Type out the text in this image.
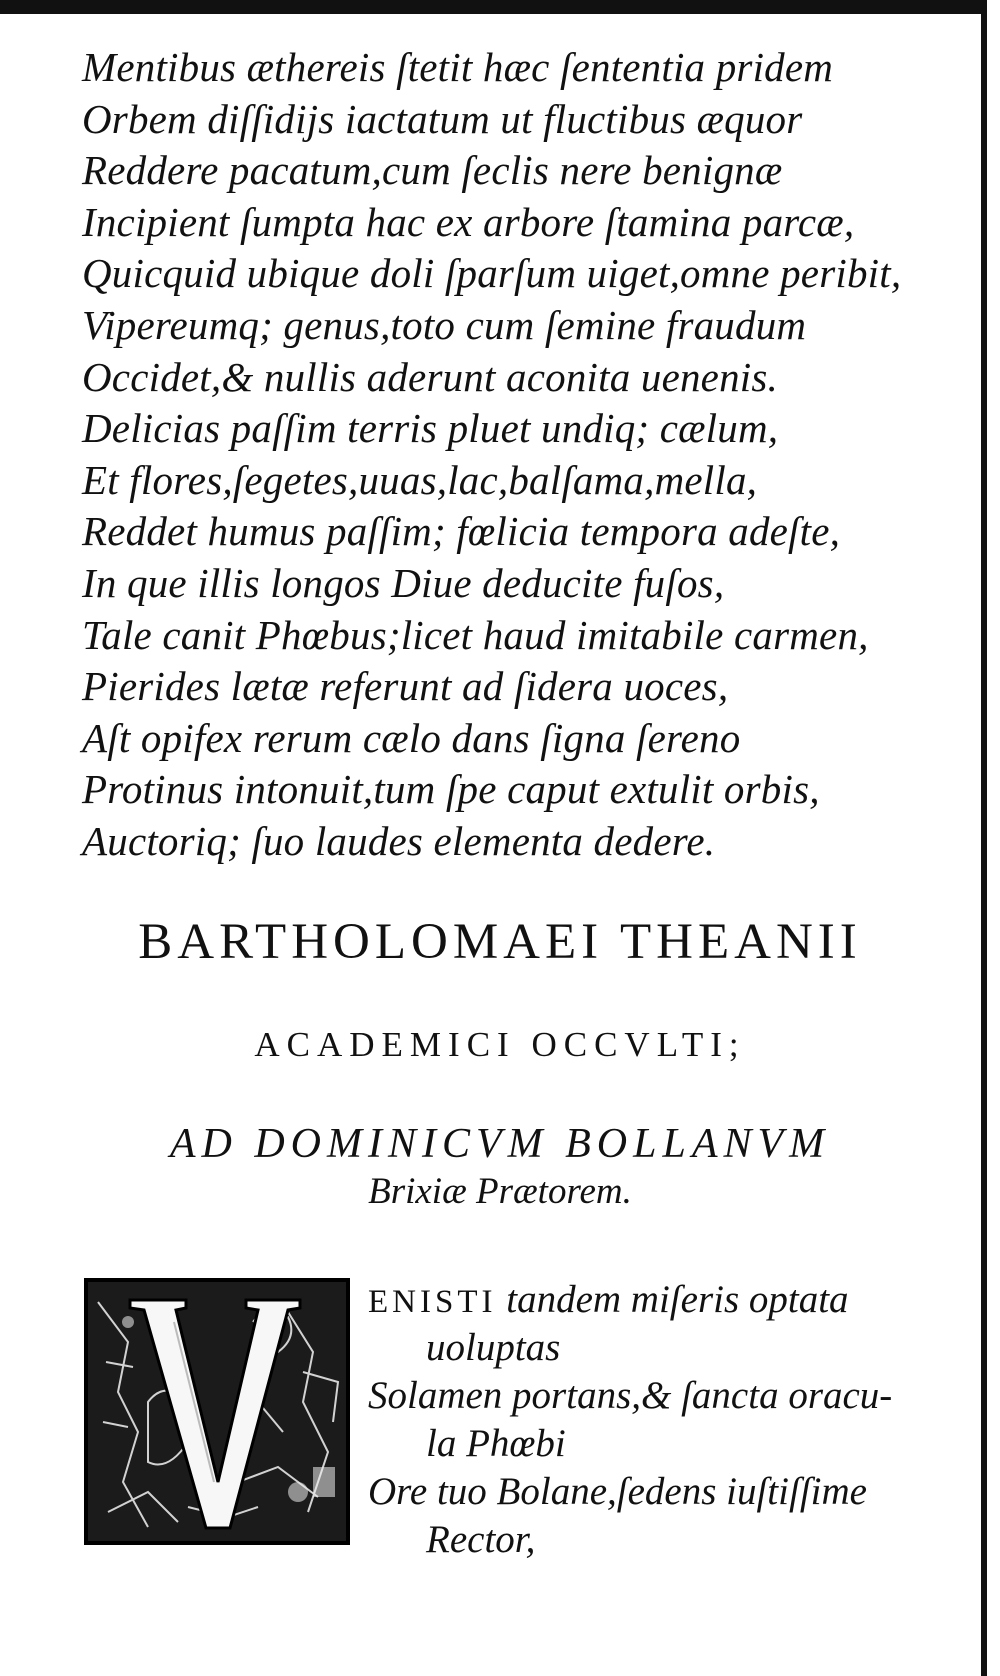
Mentibus æthereis ſtetit hæc ſententia pridem
Orbem diſſidijs iactatum ut fluctibus æquor
Reddere pacatum,cum ſeclis nere benignæ
Incipient ſumpta hac ex arbore ſtamina parcæ,
Quicquid ubique doli ſparſum uiget,omne peribit,
Vipereumq; genus,toto cum ſemine fraudum
Occidet,& nullis aderunt aconita uenenis.
Delicias paſſim terris pluet undiq; cælum,
Et flores,ſegetes,uuas,lac,balſama,mella,
Reddet humus paſſim; fœlicia tempora adeſte,
In que illis longos Diue deducite fuſos,
Tale canit Phœbus;licet haud imitabile carmen,
Pierides lætæ referunt ad ſidera uoces,
Aſt opifex rerum cælo dans ſigna ſereno
Protinus intonuit,tum ſpe caput extulit orbis,
Auctoriq; ſuo laudes elementa dedere.
BARTHOLOMAEI THEANII
ACADEMICI OCCVLTI;
AD DOMINICVM BOLLANVM
Brixiæ Prætorem.
ENISTI tandem miſeris optata
uoluptas
Solamen portans,& ſancta oracu-
la Phœbi
Ore tuo Bolane,ſedens iuſtiſſime
Rector,
